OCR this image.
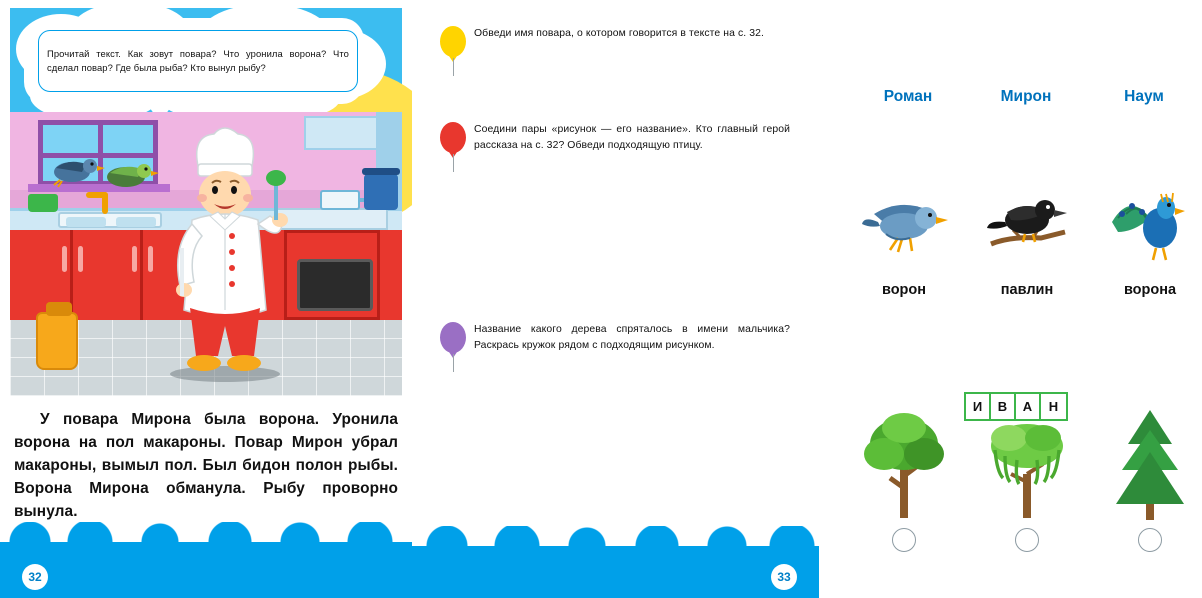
Прочитай текст. Как зовут повара? Что уронила ворона? Что сделал повар? Где была рыба? Кто вынул рыбу?

У повара Мирона была ворона. Уронила ворона на пол макароны. Повар Мирон убрал макароны, вымыл пол. Был бидон полон рыбы. Ворона Мирона обманула. Рыбу проворно вынула.

32
Обведи имя повара, о котором говорится в тексте на с. 32.
Роман	Мирон	Наум
Соедини пары «рисунок — его название». Кто главный герой рассказа на с. 32? Обведи подходящую птицу.
ворон	павлин	ворона
Название какого дерева спряталось в имени мальчика? Раскрась кружок рядом с подходящим рисунком.
И	В	А	Н
33
